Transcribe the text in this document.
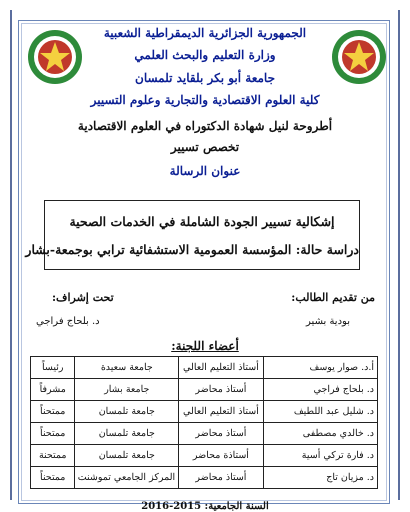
الجمهورية الجزائرية الديمقراطية الشعبية
وزارة التعليم والبحث العلمي
جامعة أبو بكر بلقايد تلمسان
كلية العلوم الاقتصادية والتجارية وعلوم التسيير
أطروحة لنيل شهادة الدكتوراه في العلوم الاقتصادية
تخصص تسيير
عنوان الرسالة
إشكالية تسيير الجودة الشاملة في الخدمات الصحية
دراسة حالة: المؤسسة العمومية الاستشفائية ترابي بوجمعة-بشار
من تقديم الطالب:
بودية بشير
تحت إشراف:
د. بلحاج فراجي
أعضاء اللجنة:
أ.د. صوار يوسف	أستاذ التعليم العالي	جامعة سعيدة	رئيساً
د. بلحاج فراجي	أستاذ محاضر	جامعة بشار	مشرفاً
د. شليل عبد اللطيف	أستاذ التعليم العالي	جامعة تلمسان	ممتحناً
د. خالدي مصطفى	أستاذ محاضر	جامعة تلمسان	ممتحناً
د. فارة تركي أسية	أستاذة محاضر	جامعة تلمسان	ممتحنة
د. مزيان تاج	أستاذ محاضر	المركز الجامعي تموشنت	ممتحناً
السنة الجامعية: 2015-2016
